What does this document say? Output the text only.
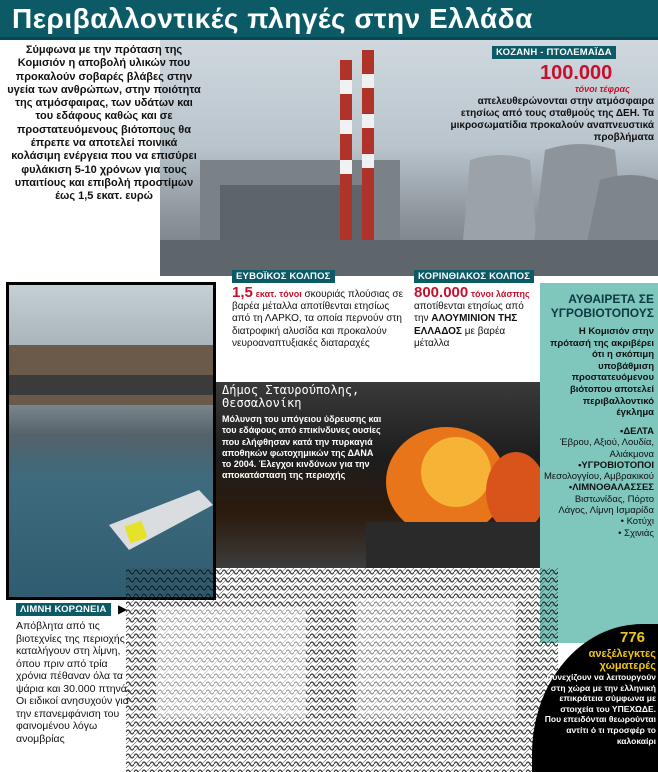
Περιβαλλοντικές πληγές στην Ελλάδα

Σύμφωνα με την πρόταση της Κομισιόν η αποβολή υλικών που προκαλούν σοβαρές βλάβες στην υγεία των ανθρώπων, στην ποιότητα της ατμόσφαιρας, των υδάτων και του εδάφους καθώς και σε προστατευόμενους βιότοπους θα έπρεπε να αποτελεί ποινικά κολάσιμη ενέργεια που να επισύρει φυλάκιση 5-10 χρόνων για τους υπαιτίους και επιβολή προστίμων έως 1,5 εκατ. ευρώ

ΚΟΖΑΝΗ - ΠΤΟΛΕΜΑΪΔΑ
100.000
τόνοι τέφρας
απελευθερώνονται στην ατμόσφαιρα ετησίως από τους σταθμούς της ΔΕΗ. Τα μικροσωματίδια προκαλούν αναπνευστικά προβλήματα
ΕΥΒΟΪΚΟΣ ΚΟΛΠΟΣ
1,5 εκατ. τόνοι σκουριάς πλούσιας σε βαρέα μέταλλα αποτίθενται ετησίως από τη ΛΑΡΚΟ, τα οποία περνούν στη διατροφική αλυσίδα και προκαλούν νευροαναπτυξιακές διαταραχές
ΚΟΡΙΝΘΙΑΚΟΣ ΚΟΛΠΟΣ
800.000 τόνοι λάσπης αποτίθενται ετησίως από την ΑΛΟΥΜΙΝΙΟΝ ΤΗΣ ΕΛΛΑΔΟΣ με βαρέα μέταλλα
ΑΥΘΑΙΡΕΤΑ ΣΕ ΥΓΡΟΒΙΟΤΟΠΟΥΣ
Η Κομισιόν στην πρότασή της ακριβέρει ότι η σκόπιμη υποβάθμιση προστατευόμενου βιότοπου αποτελεί περιβαλλοντικό έγκλημα
•ΔΕΛΤΑ
Έβρου, Αξιού, Λουδία, Αλιάκμονα
•ΥΓΡΟΒΙΟΤΟΠΟΙ
Μεσολογγίου, Αμβρακικού
•ΛΙΜΝΟΘΑΛΑΣΣΕΣ
Βιστωνίδας, Πόρτο Λάγος, Λίμνη Ισμαρίδα
• Κοτύχι
• Σχινιάς
Δήμος Σταυρούπολης, Θεσσαλονίκη
Μόλυνση του υπόγειου ύδρευσης και του εδάφους από επικίνδυνες ουσίες που ελήφθησαν κατά την πυρκαγιά αποθηκών φωτοχημικών της ΔΑΝΑ το 2004. Έλεγχοι κινδύνων για την αποκατάσταση της περιοχής
ΛΙΜΝΗ ΚΟΡΩΝΕΙΑ ▶
Απόβλητα από τις βιοτεχνίες της περιοχής καταλήγουν στη λίμνη, όπου πριν από τρία χρόνια πέθαναν όλα τα ψάρια και 30.000 πτηνά. Οι ειδικοί ανησυχούν για την επανεμφάνιση του φαινομένου λόγω ανομβρίας
776
ανεξέλεγκτες χωματερές
συνεχίζουν να λειτουργούν στη χώρα με την ελληνική επικράτεια σύμφωνα με στοιχεία του ΥΠΕΧΩΔΕ. Που επειδόνται θεωρούνται αντίτι ό τι προσφέρ το καλοκαίρι
